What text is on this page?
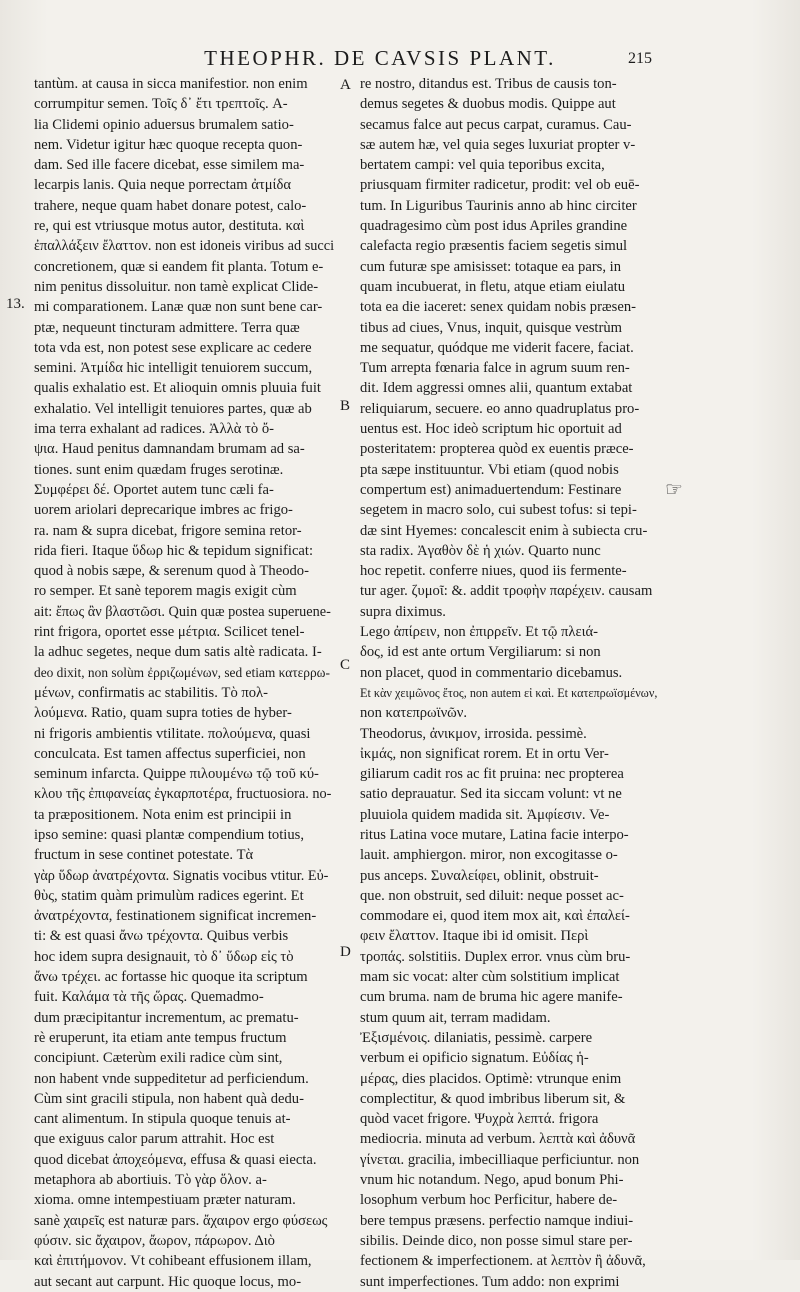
THEOPHR. DE CAVSIS PLANT.	215
tantùm. at causa in sicca manifestior. non enim
corrumpitur semen. Τοῖς δ᾽ ἔτι τρεπτοῖς. A-
lia Clidemi opinio aduersus brumalem satio-
nem. Videtur igitur hæc quoque recepta quon-
dam. Sed ille facere dicebat, esse similem ma-
lecarpis lanis. Quia neque porrectam ἀτμίδα
trahere, neque quam habet donare potest, calo-
re, qui est vtriusque motus autor, destituta. καὶ
ἐπαλλάξειν ἔλαττον. non est idoneis viribus ad succi
concretionem, quæ si eandem fit planta. Totum e-
nim penitus dissoluitur. non tamè explicat Clide-
mi comparationem. Lanæ quæ non sunt bene car-
ptæ, nequeunt tincturam admittere. Terra quæ
tota vda est, non potest sese explicare ac cedere
semini. Ἀτμίδα hic intelligit tenuiorem succum,
qualis exhalatio est. Et alioquin omnis pluuia fuit
exhalatio. Vel intelligit tenuiores partes, quæ ab
ima terra exhalant ad radices. Ἀλλὰ τὸ ὄ-
ψια. Haud penitus damnandam brumam ad sa-
tiones. sunt enim quædam fruges serotinæ.
Συμφέρει δέ. Oportet autem tunc cæli fa-
uorem ariolari deprecarique imbres ac frigo-
ra. nam & supra dicebat, frigore semina retor-
rida fieri. Itaque ὕδωρ hic & tepidum significat:
quod à nobis sæpe, & serenum quod à Theodo-
ro semper. Et sanè teporem magis exigit cùm
ait: ἔπως ἂν βλαστῶσι. Quin quæ postea superuene-
rint frigora, oportet esse μέτρια. Scilicet tenel-
la adhuc segetes, neque dum satis altè radicata. I-
deo dixit, non solùm ἐρριζωμένων, sed etiam κατερρω-
μένων, confirmatis ac stabilitis. Τὸ πολ-
λούμενα. Ratio, quam supra toties de hyber-
ni frigoris ambientis vtilitate. πολούμενα, quasi
conculcata. Est tamen affectus superficiei, non
seminum infarcta. Quippe πιλουμένω τῷ τοῦ κύ-
κλου τῆς ἐπιφανείας ἐγκαρποτέρα, fructuosiora. no-
ta præpositionem. Nota enim est principii in
ipso semine: quasi plantæ compendium totius,
fructum in sese continet potestate. Τὰ
γὰρ ὕδωρ ἀνατρέχοντα. Signatis vocibus vtitur. Εὐ-
θὺς, statim quàm primulùm radices egerint. Et
ἀνατρέχοντα, festinationem significat incremen-
ti: & est quasi ἄνω τρέχοντα. Quibus verbis
hoc idem supra designauit, τὸ δ᾽ ὕδωρ εἰς τὸ
ἄνω τρέχει. ac fortasse hic quoque ita scriptum
fuit. Καλάμα τὰ τῆς ὥρας. Quemadmo-
dum præcipitantur incrementum, ac prematu-
rè eruperunt, ita etiam ante tempus fructum
concipiunt. Cæterùm exili radice cùm sint,
non habent vnde suppeditetur ad perficiendum.
Cùm sint gracili stipula, non habent quà dedu-
cant alimentum. In stipula quoque tenuis at-
que exiguus calor parum attrahit. Hoc est
quod dicebat ἀποχεόμενα, effusa & quasi eiecta.
metaphora ab abortiuis. Τὸ γὰρ ὅλον. a-
xioma. omne intempestiuam præter naturam.
sanè χαιρεῖς est naturæ pars. ἄχαιρον ergo φύσεως
φύσιν. sic ἄχαιρον, ἄωρον, πάρωρον. Διὸ
καὶ ἐπιτήμονον. Vt cohibeant effusionem illam,
aut secant aut carpunt. Hic quoque locus, mo-
re nostro, ditandus est. Tribus de causis ton-
demus segetes & duobus modis. Quippe aut
secamus falce aut pecus carpat, curamus. Cau-
sæ autem hæ, vel quia seges luxuriat propter v-
bertatem campi: vel quia teporibus excita,
priusquam firmiter radicetur, prodit: vel ob euē-
tum. In Liguribus Taurinis anno ab hinc circiter
quadragesimo cùm post idus Apriles grandine
calefacta regio præsentis faciem segetis simul
cum futuræ spe amisisset: totaque ea pars, in
quam incubuerat, in fletu, atque etiam eiulatu
tota ea die iaceret: senex quidam nobis præsen-
tibus ad ciues, Vnus, inquit, quisque vestrùm
me sequatur, quódque me viderit facere, faciat.
Tum arrepta fœnaria falce in agrum suum ren-
dit. Idem aggressi omnes alii, quantum extabat
reliquiarum, secuere. eo anno quadruplatus pro-
uentus est. Hoc ideò scriptum hic oportuit ad
posteritatem: propterea quòd ex euentis præce-
pta sæpe instituuntur. Vbi etiam (quod nobis
compertum est) animaduertendum: Festinare
segetem in macro solo, cui subest tofus: si tepi-
dæ sint Hyemes: concalescit enim à subiecta cru-
sta radix. Ἀγαθὸν δὲ ἡ χιών. Quarto nunc
hoc repetit. conferre niues, quod iis fermente-
tur ager. ζυμοῖ: &. addit τροφὴν παρέχειν. causam
supra diximus.
Lego ἀπίρειν, non ἐπιρρεῖν. Et τῷ πλειά-
δος, id est ante ortum Vergiliarum: si non
non placet, quod in commentario dicebamus.
Et κὰν χειμῶνος ἔτος, non autem εἰ καὶ. Et κατεπρωϊσμένων,
non κατεπρωϊνῶν.
Theodorus, ἀνικμον, irrosida. pessimè.
ἰκμάς, non significat rorem. Et in ortu Ver-
giliarum cadit ros ac fit pruina: nec propterea
satio deprauatur. Sed ita siccam volunt: vt ne
pluuiola quidem madida sit. Ἀμφίεσιν. Ve-
ritus Latina voce mutare, Latina facie interpo-
lauit. amphiergon. miror, non excogitasse o-
pus anceps. Συναλείφει, oblinit, obstruit-
que. non obstruit, sed diluit: neque posset ac-
commodare ei, quod item mox ait, καὶ ἐπαλεί-
φειν ἔλαττον. Itaque ibi id omisit. Περὶ
τροπάς. solstitiis. Duplex error. vnus cùm bru-
mam sic vocat: alter cùm solstitium implicat
cum bruma. nam de bruma hic agere manife-
stum quum ait, terram madidam.
Ἐξισμένοις. dilaniatis, pessimè. carpere
verbum ei opificio signatum. Εὐδίας ἡ-
μέρας, dies placidos. Optimè: vtrunque enim
complectitur, & quod imbribus liberum sit, &
quòd vacet frigore. Ψυχρὰ λεπτά. frigora
mediocria. minuta ad verbum. λεπτὰ καὶ ἀδυνᾶ
γίνεται. gracilia, imbecilliaque perficiuntur. non
vnum hic notandum. Nego, apud bonum Phi-
losophum verbum hoc Perficitur, habere de-
bere tempus præsens. perfectio namque indiui-
sibilis. Deinde dico, non posse simul stare per-
fectionem & imperfectionem. at λεπτὸν ἢ ἀδυνᾶ,
sunt imperfectiones. Tum addo: non exprimi
A
B
C
D
13.
☞
